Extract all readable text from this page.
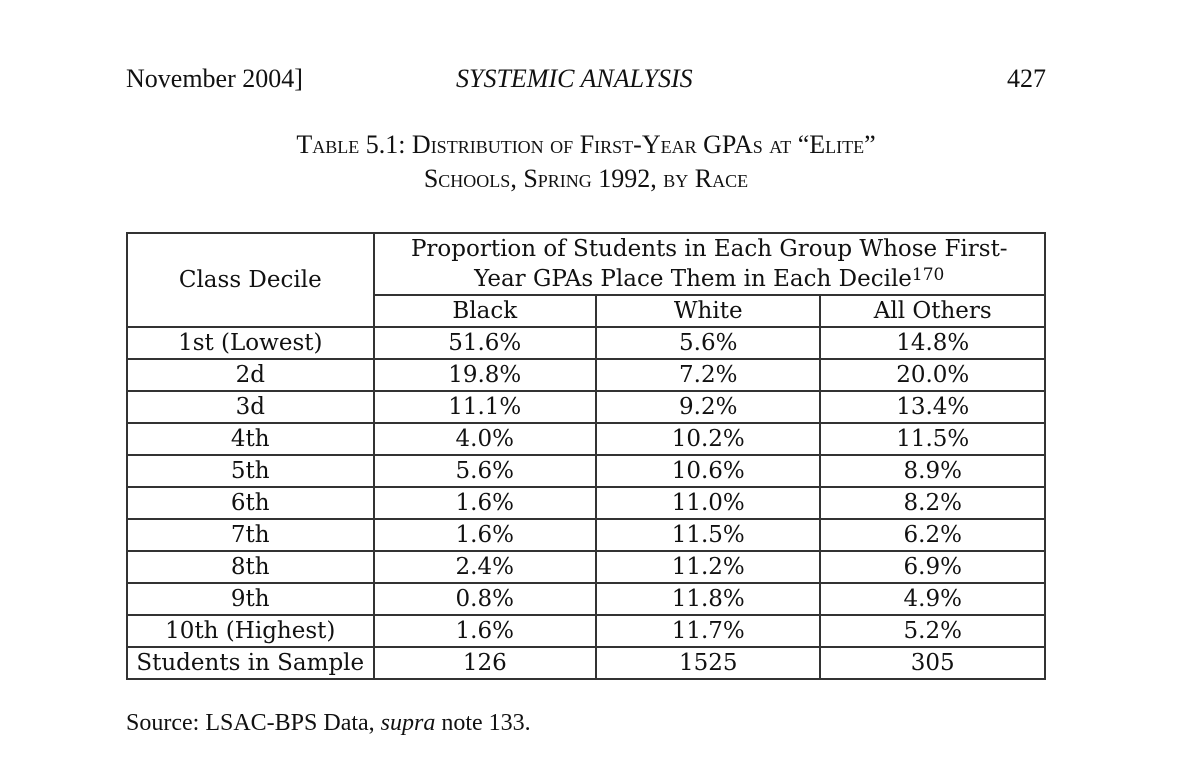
November 2004]	SYSTEMIC ANALYSIS	427
Table 5.1: Distribution of First-Year GPAs at “Elite”
Schools, Spring 1992, by Race
Class Decile	Proportion of Students in Each Group Whose First-
Year GPAs Place Them in Each Decile$^{170}$
	Black	White	All Others
1st (Lowest)	51.6%	5.6%	14.8%
2d	19.8%	7.2%	20.0%
3d	11.1%	9.2%	13.4%
4th	4.0%	10.2%	11.5%
5th	5.6%	10.6%	8.9%
6th	1.6%	11.0%	8.2%
7th	1.6%	11.5%	6.2%
8th	2.4%	11.2%	6.9%
9th	0.8%	11.8%	4.9%
10th (Highest)	1.6%	11.7%	5.2%
Students in Sample	126	1525	305
Source: LSAC-BPS Data, supra note 133.
